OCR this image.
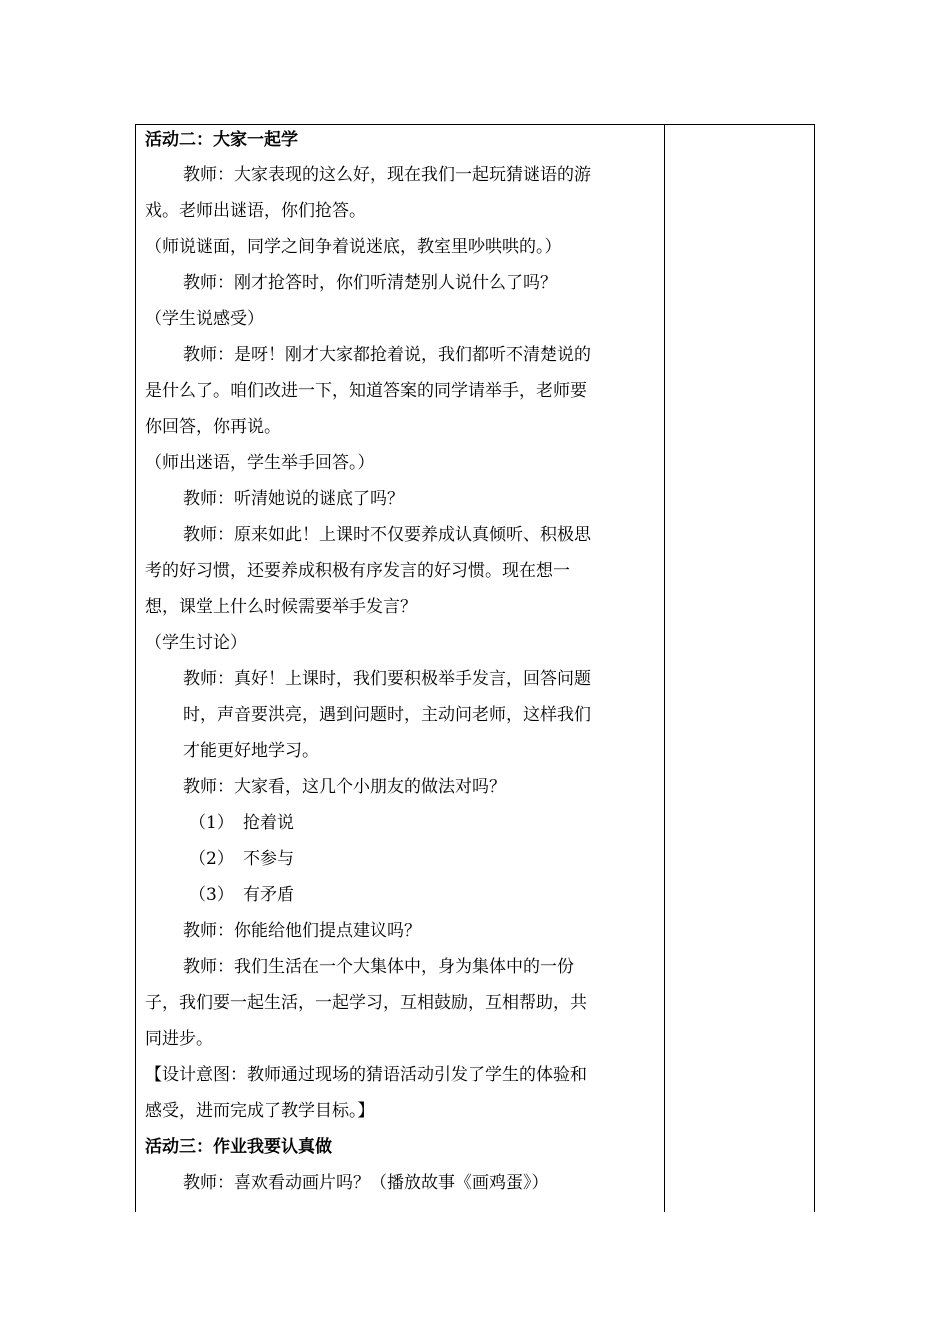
活动二：大家一起学
教师：大家表现的这么好，现在我们一起玩猜谜语的游
戏。老师出谜语，你们抢答。
（师说谜面，同学之间争着说迷底，教室里吵哄哄的。）
教师：刚才抢答时，你们听清楚别人说什么了吗？
（学生说感受）
教师：是呀！刚才大家都抢着说，我们都听不清楚说的
是什么了。咱们改进一下，知道答案的同学请举手，老师要
你回答，你再说。
（师出迷语，学生举手回答。）
教师：听清她说的谜底了吗？
教师：原来如此！上课时不仅要养成认真倾听、积极思
考的好习惯，还要养成积极有序发言的好习惯。现在想一
想，课堂上什么时候需要举手发言？
（学生讨论）
教师：真好！上课时，我们要积极举手发言，回答问题
时，声音要洪亮，遇到问题时，主动问老师，这样我们
才能更好地学习。
教师：大家看，这几个小朋友的做法对吗？
（1） 抢着说
（2） 不参与
（3） 有矛盾
教师：你能给他们提点建议吗？
教师：我们生活在一个大集体中，身为集体中的一份
子，我们要一起生活，一起学习，互相鼓励，互相帮助，共
同进步。
【设计意图：教师通过现场的猜语活动引发了学生的体验和
感受，进而完成了教学目标。】
活动三：作业我要认真做
教师：喜欢看动画片吗？（播放故事《画鸡蛋》）
